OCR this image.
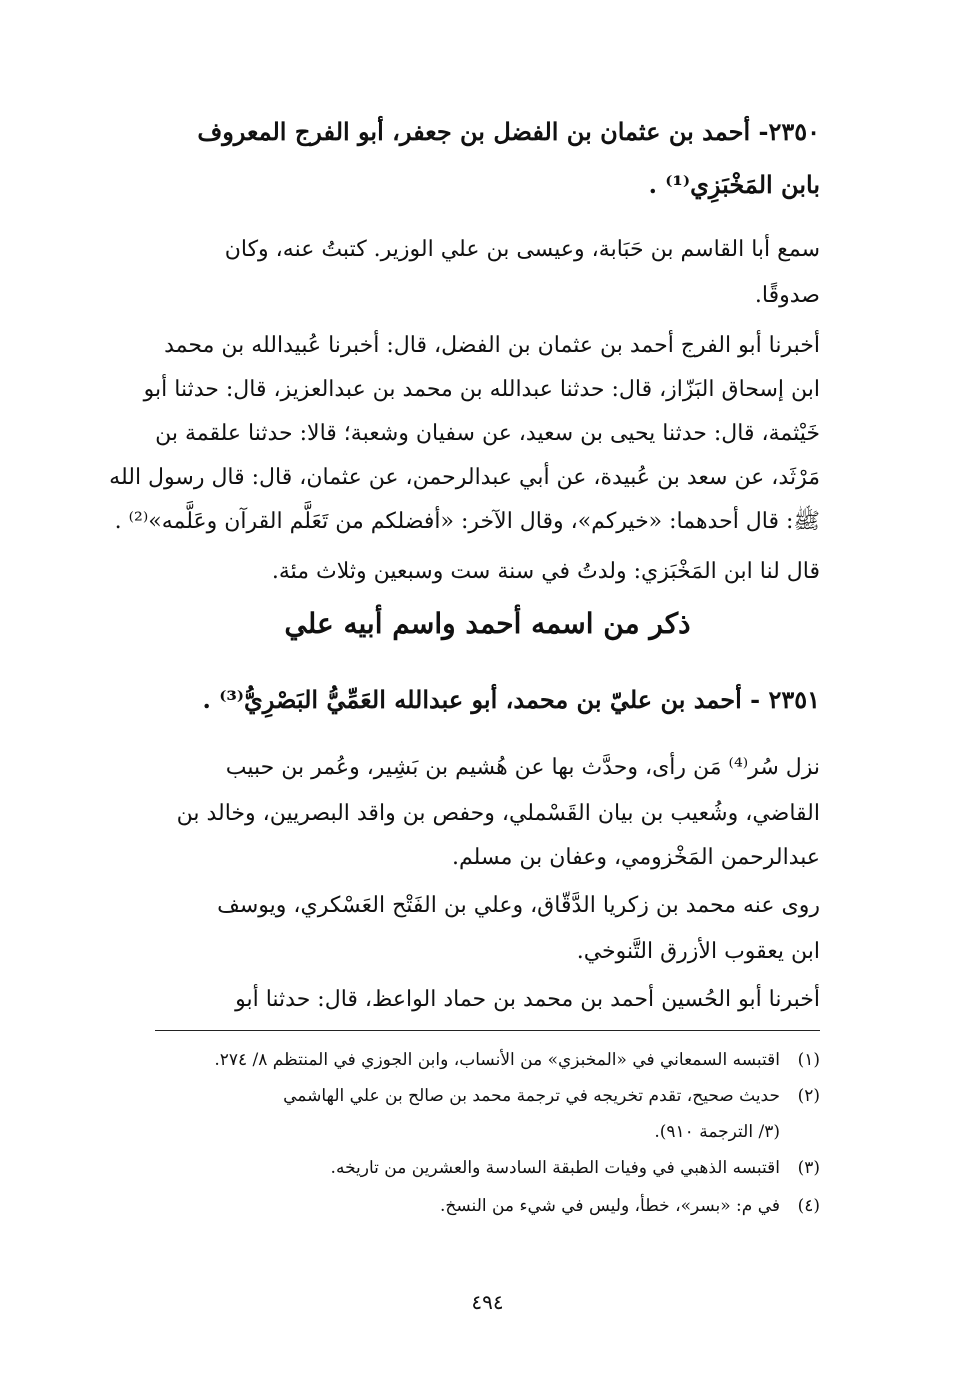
٢٣٥٠- أحمد بن عثمان بن الفضل بن جعفر، أبو الفرج المعروف
بابن المَخْبَزِي⁽¹⁾ .
سمع أبا القاسم بن حَبَابة، وعيسى بن علي الوزير. كتبتُ عنه، وكان
صدوقًا.
أخبرنا أبو الفرج أحمد بن عثمان بن الفضل، قال: أخبرنا عُبيدالله بن محمد
ابن إسحاق البَزّاز، قال: حدثنا عبدالله بن محمد بن عبدالعزيز، قال: حدثنا أبو
خَيْثمة، قال: حدثنا يحيى بن سعيد، عن سفيان وشعبة؛ قالا: حدثنا علقمة بن
مَرْثَد، عن سعد بن عُبيدة، عن أبي عبدالرحمن، عن عثمان، قال: قال رسول الله
ﷺ: قال أحدهما: «خيركم»، وقال الآخر: «أفضلكم من تَعَلَّم القرآن وعَلَّمه»⁽²⁾ .
قال لنا ابن المَخْبَزي: ولدتُ في سنة ست وسبعين وثلاث مئة.
ذكر من اسمه أحمد واسم أبيه علي
٢٣٥١ - أحمد بن عليّ بن محمد، أبو عبدالله العَمِّيُّ البَصْرِيُّ⁽³⁾ .
نزل سُر⁽⁴⁾ مَن رأى، وحدَّث بها عن هُشيم بن بَشِير، وعُمر بن حبيب
القاضي، وشُعيب بن بيان القَسْملي، وحفص بن واقد البصريين، وخالد بن
عبدالرحمن المَخْزومي، وعفان بن مسلم.
روى عنه محمد بن زكريا الدَّقّاق، وعلي بن الفَتْح العَسْكري، ويوسف
ابن يعقوب الأزرق التَّنوخي.
أخبرنا أبو الحُسين أحمد بن محمد بن حماد الواعظ، قال: حدثنا أبو
(١)اقتبسه السمعاني في «المخبزي» من الأنساب، وابن الجوزي في المنتظم ٨/ ٢٧٤.
(٢)حديث صحيح، تقدم تخريجه في ترجمة محمد بن صالح بن علي الهاشمي
(٣/ الترجمة ٩١٠).
(٣)اقتبسه الذهبي في وفيات الطبقة السادسة والعشرين من تاريخه.
(٤)في م: «بسر»، خطأ، وليس في شيء من النسخ.
٤٩٤
